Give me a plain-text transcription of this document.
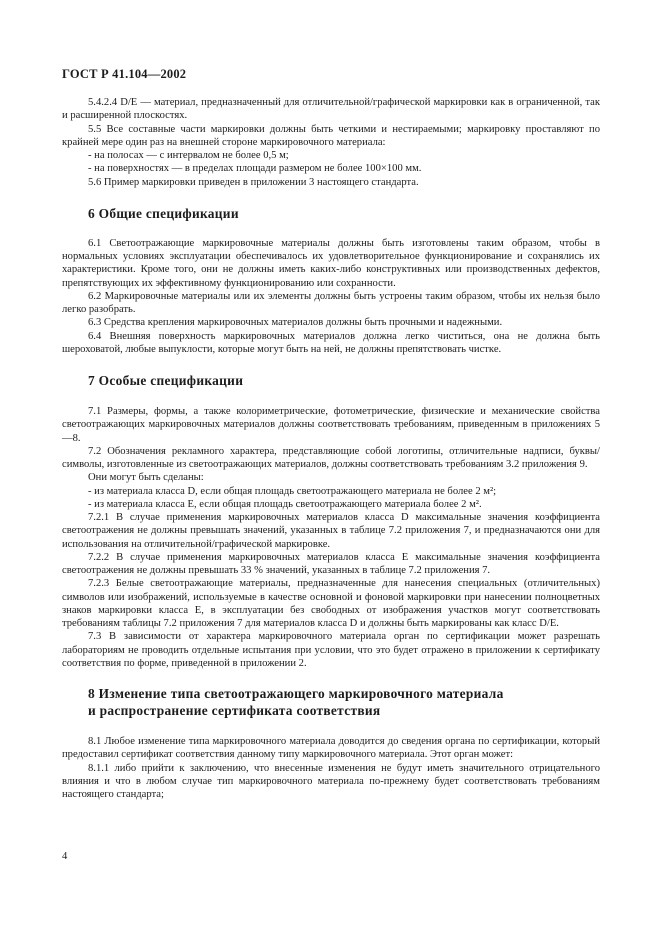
ГОСТ Р 41.104—2002

5.4.2.4 D/E — материал, предназначенный для отличительной/графической маркировки как в ограниченной, так и расширенной плоскостях.

5.5 Все составные части маркировки должны быть четкими и нестираемыми; маркировку проставляют по крайней мере один раз на внешней стороне маркировочного материала:

- на полосах — с интервалом не более 0,5 м;

- на поверхностях — в пределах площади размером не более 100×100 мм.

5.6 Пример маркировки приведен в приложении 3 настоящего стандарта.

6 Общие спецификации

6.1 Светоотражающие маркировочные материалы должны быть изготовлены таким образом, чтобы в нормальных условиях эксплуатации обеспечивалось их удовлетворительное функционирование и сохранялись их характеристики. Кроме того, они не должны иметь каких-либо конструктивных или производственных дефектов, препятствующих их эффективному функционированию или сохранности.

6.2 Маркировочные материалы или их элементы должны быть устроены таким образом, чтобы их нельзя было легко разобрать.

6.3 Средства крепления маркировочных материалов должны быть прочными и надежными.

6.4 Внешняя поверхность маркировочных материалов должна легко чиститься, она не должна быть шероховатой, любые выпуклости, которые могут быть на ней, не должны препятствовать чистке.

7 Особые спецификации

7.1 Размеры, формы, а также колориметрические, фотометрические, физические и механические свойства светоотражающих маркировочных материалов должны соответствовать требованиям, приведенным в приложениях 5—8.

7.2 Обозначения рекламного характера, представляющие собой логотипы, отличительные надписи, буквы/символы, изготовленные из светоотражающих материалов, должны соответствовать требованиям 3.2 приложения 9.

Они могут быть сделаны:

- из материала класса D, если общая площадь светоотражающего материала не более 2 м²;

- из материала класса E, если общая площадь светоотражающего материала более 2 м².

7.2.1 В случае применения маркировочных материалов класса D максимальные значения коэффициента светоотражения не должны превышать значений, указанных в таблице 7.2 приложения 7, и предназначаются они для использования на отличительной/графической маркировке.

7.2.2 В случае применения маркировочных материалов класса E максимальные значения коэффициента светоотражения не должны превышать 33 % значений, указанных в таблице 7.2 приложения 7.

7.2.3 Белые светоотражающие материалы, предназначенные для нанесения специальных (отличительных) символов или изображений, используемые в качестве основной и фоновой маркировки при нанесении полноцветных знаков маркировки класса E, в эксплуатации без свободных от изображения участков могут соответствовать требованиям таблицы 7.2 приложения 7 для материалов класса D и должны быть маркированы как класс D/E.

7.3 В зависимости от характера маркировочного материала орган по сертификации может разрешать лабораториям не проводить отдельные испытания при условии, что это будет отражено в приложении к сертификату соответствия по форме, приведенной в приложении 2.

8 Изменение типа светоотражающего маркировочного материала
и распространение сертификата соответствия

8.1 Любое изменение типа маркировочного материала доводится до сведения органа по сертификации, который предоставил сертификат соответствия данному типу маркировочного материала. Этот орган может:

8.1.1 либо прийти к заключению, что внесенные изменения не будут иметь значительного отрицательного влияния и что в любом случае тип маркировочного материала по-прежнему будет соответствовать требованиям настоящего стандарта;

4
